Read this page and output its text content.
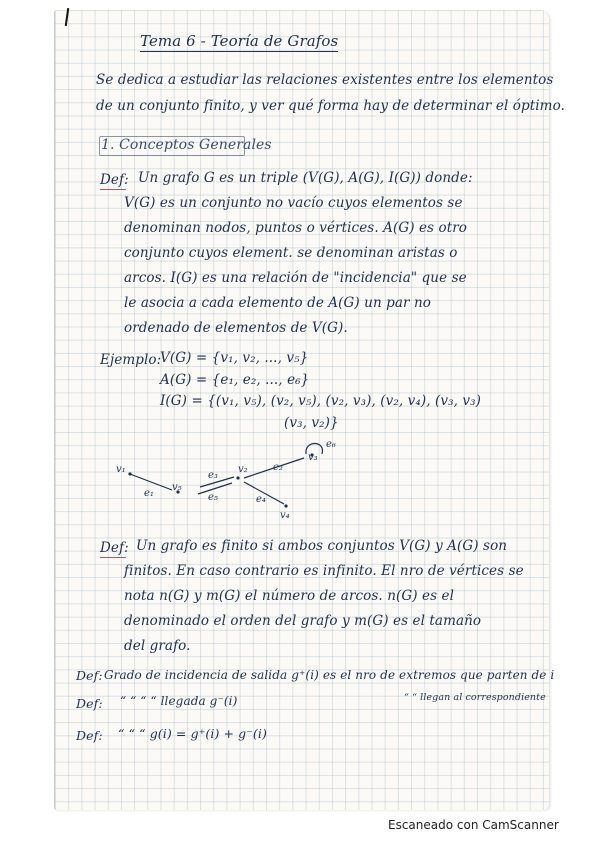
Tema 6 - Teoría de Grafos
Se dedica a estudiar las relaciones existentes entre los elementos
de un conjunto finito, y ver qué forma hay de determinar el óptimo.
1. Conceptos Generales
Def: Un grafo G es un triple (V(G), A(G), I(G)) donde:
V(G) es un conjunto no vacío cuyos elementos se
denominan nodos, puntos o vértices. A(G) es otro
conjunto cuyos element. se denominan aristas o
arcos. I(G) es una relación de "incidencia" que se
le asocia a cada elemento de A(G) un par no
ordenado de elementos de V(G).
Ejemplo:
V(G) = {v₁, v₂, ..., v₅}
A(G) = {e₁, e₂, ..., e₆}
I(G) = {(v₁, v₅), (v₂, v₅), (v₂, v₃), (v₂, v₄), (v₃, v₃)
(v₃, v₂)}
v₁
e₁
v₅
e₃
e₅
v₂	e₂
e₄
v₃
e₆
v₄
Def: Un grafo es finito si ambos conjuntos V(G) y A(G) son
finitos. En caso contrario es infinito. El nro de vértices se
nota n(G) y m(G) el número de arcos. n(G) es el
denominado el orden del grafo y m(G) es el tamaño
del grafo.
Def: Grado de incidencia de salida g⁺(i) es el nro de extremos que parten de i
Def: “ “ “ “ llegada g⁻(i)	“ “ llegan al correspondiente
Def: “ “ “ g(i) = g⁺(i) + g⁻(i)
Escaneado con CamScanner
